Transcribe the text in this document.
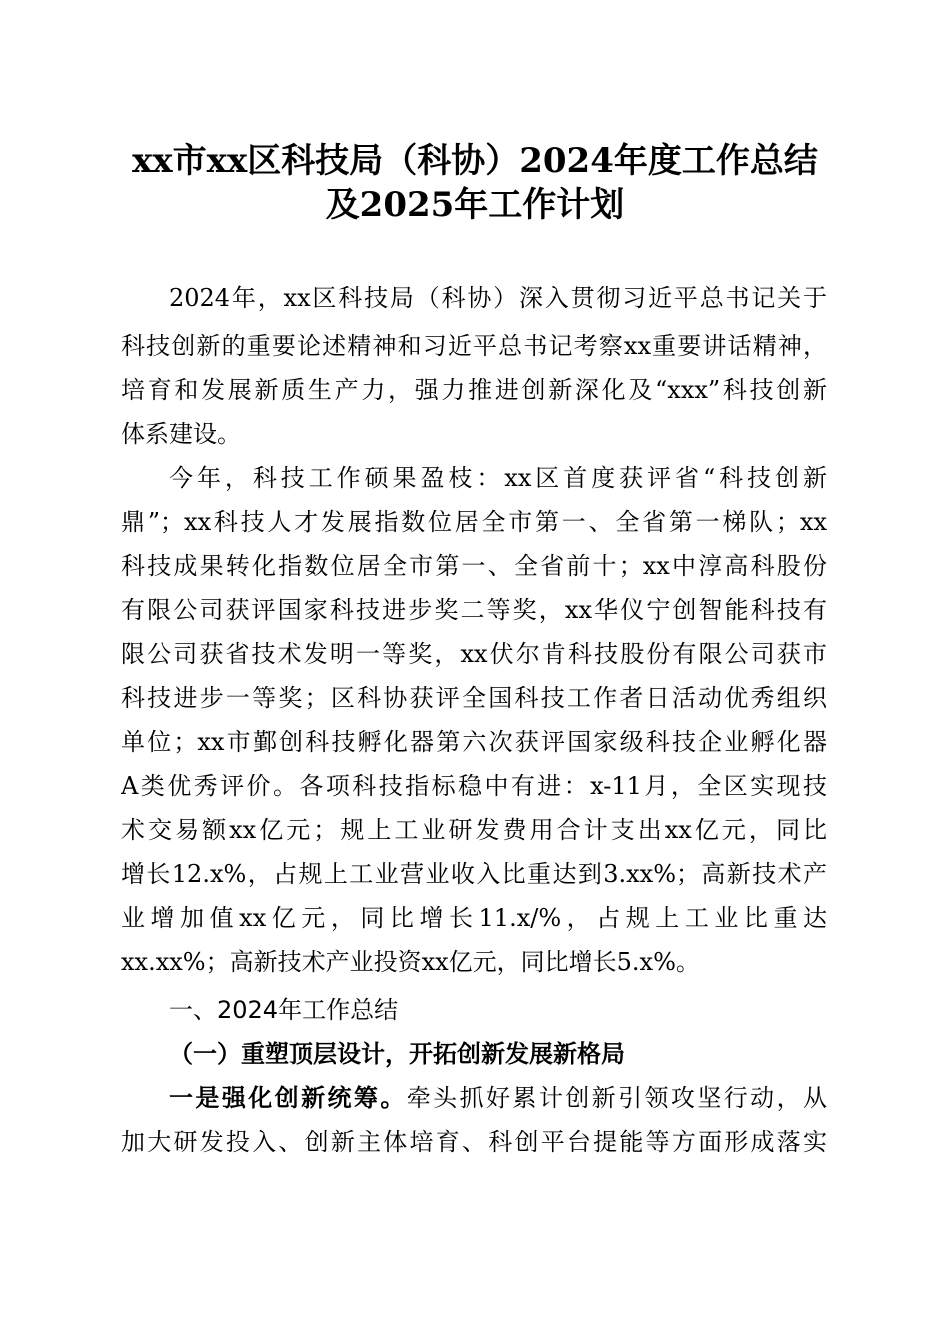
xx市xx区科技局（科协）2024年度工作总结
及2025年工作计划
2024年，xx区科技局（科协）深入贯彻习近平总书记关于
科技创新的重要论述精神和习近平总书记考察xx重要讲话精神，
培育和发展新质生产力，强力推进创新深化及“xxx”科技创新
体系建设。
今年，科技工作硕果盈枝：xx区首度获评省“科技创新
鼎”；xx科技人才发展指数位居全市第一、全省第一梯队；xx
科技成果转化指数位居全市第一、全省前十；xx中淳高科股份
有限公司获评国家科技进步奖二等奖，xx华仪宁创智能科技有
限公司获省技术发明一等奖，xx伏尔肯科技股份有限公司获市
科技进步一等奖；区科协获评全国科技工作者日活动优秀组织
单位；xx市鄞创科技孵化器第六次获评国家级科技企业孵化器
A类优秀评价。各项科技指标稳中有进：x-11月，全区实现技
术交易额xx亿元；规上工业研发费用合计支出xx亿元，同比
增长12.x%，占规上工业营业收入比重达到3.xx%；高新技术产
业增加值xx亿元，同比增长11.x/%，占规上工业比重达
xx.xx%；高新技术产业投资xx亿元，同比增长5.x%。
一、2024年工作总结
（一）重塑顶层设计，开拓创新发展新格局
一是强化创新统筹。牵头抓好累计创新引领攻坚行动，从
加大研发投入、创新主体培育、科创平台提能等方面形成落实
